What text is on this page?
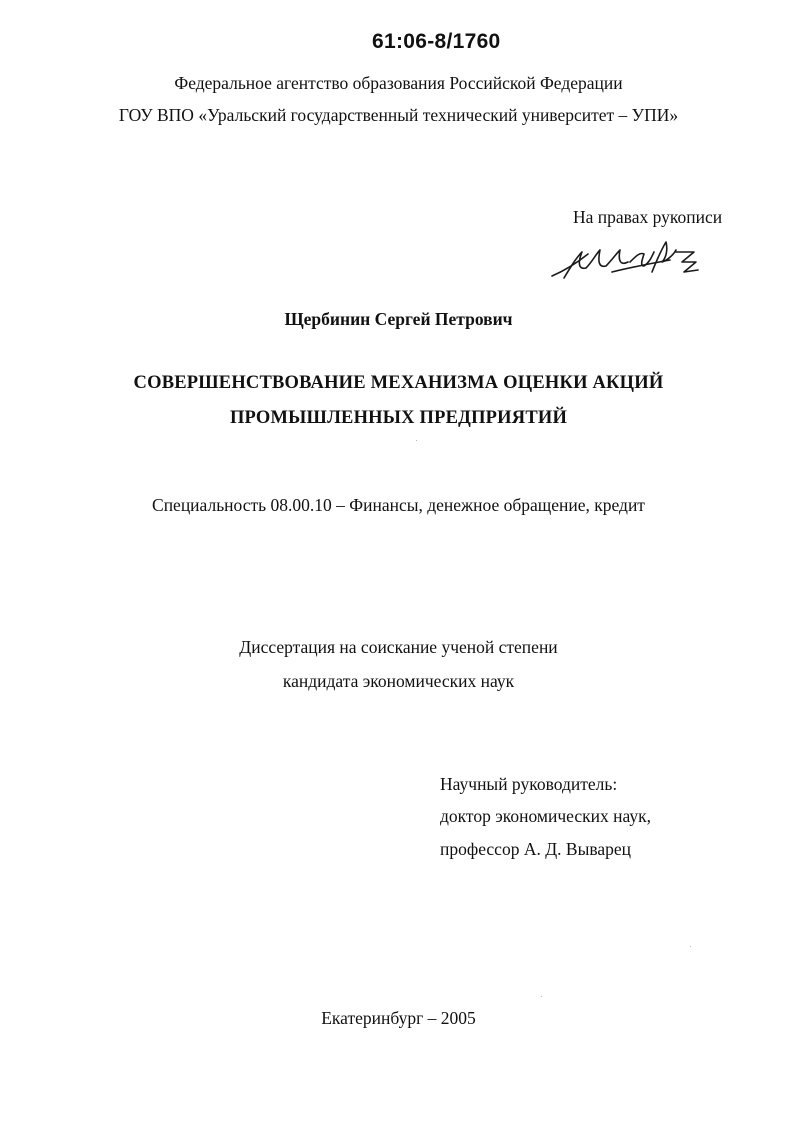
61:06-8/1760
Федеральное агентство образования Российской Федерации
ГОУ ВПО «Уральский государственный технический университет – УПИ»
На правах рукописи
Щербинин Сергей Петрович
СОВЕРШЕНСТВОВАНИЕ МЕХАНИЗМА ОЦЕНКИ АКЦИЙ
ПРОМЫШЛЕННЫХ ПРЕДПРИЯТИЙ
Специальность 08.00.10 – Финансы, денежное обращение, кредит
Диссертация на соискание ученой степени
кандидата экономических наук
Научный руководитель:
доктор экономических наук,
профессор А. Д. Выварец
Екатеринбург – 2005
